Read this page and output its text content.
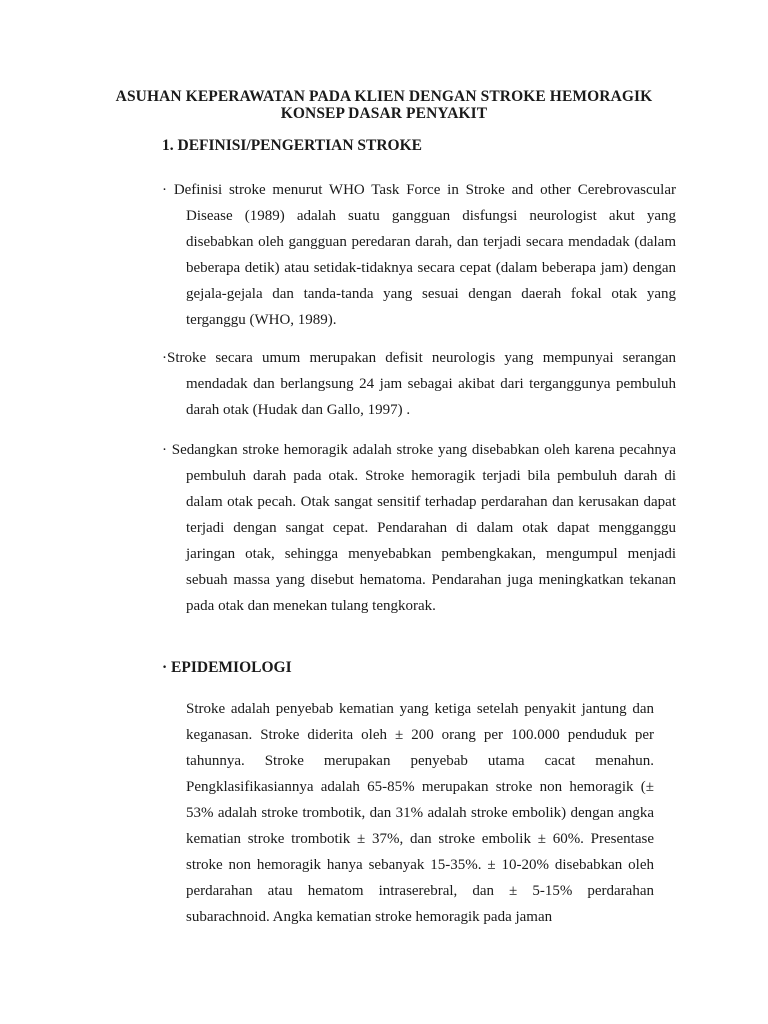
ASUHAN KEPERAWATAN PADA KLIEN DENGAN STROKE HEMORAGIK
KONSEP DASAR PENYAKIT
1. DEFINISI/PENGERTIAN STROKE

· Definisi stroke menurut WHO Task Force in Stroke and other Cerebrovascular Disease (1989) adalah suatu gangguan disfungsi neurologist akut yang disebabkan oleh gangguan peredaran darah, dan terjadi secara mendadak (dalam beberapa detik) atau setidak-tidaknya secara cepat (dalam beberapa jam) dengan gejala-gejala dan tanda-tanda yang sesuai dengan daerah fokal otak yang terganggu (WHO, 1989).

·Stroke secara umum merupakan defisit neurologis yang mempunyai serangan mendadak dan berlangsung 24 jam sebagai akibat dari terganggunya pembuluh darah otak (Hudak dan Gallo, 1997) .

· Sedangkan stroke hemoragik adalah stroke yang disebabkan oleh karena pecahnya pembuluh darah pada otak. Stroke hemoragik terjadi bila pembuluh darah di dalam otak pecah. Otak sangat sensitif terhadap perdarahan dan kerusakan dapat terjadi dengan sangat cepat. Pendarahan di dalam otak dapat mengganggu jaringan otak, sehingga menyebabkan pembengkakan, mengumpul menjadi sebuah massa yang disebut hematoma. Pendarahan juga meningkatkan tekanan pada otak dan menekan tulang tengkorak.

· EPIDEMIOLOGI

Stroke adalah penyebab kematian yang ketiga setelah penyakit jantung dan keganasan. Stroke diderita oleh ± 200 orang per 100.000 penduduk per tahunnya. Stroke merupakan penyebab utama cacat menahun. Pengklasifikasiannya adalah 65-85% merupakan stroke non hemoragik (± 53% adalah stroke trombotik, dan 31% adalah stroke embolik) dengan angka kematian stroke trombotik ± 37%, dan stroke embolik ± 60%. Presentase stroke non hemoragik hanya sebanyak 15-35%. ± 10-20% disebabkan oleh perdarahan atau hematom intraserebral, dan ± 5-15% perdarahan subarachnoid. Angka kematian stroke hemoragik pada jaman
